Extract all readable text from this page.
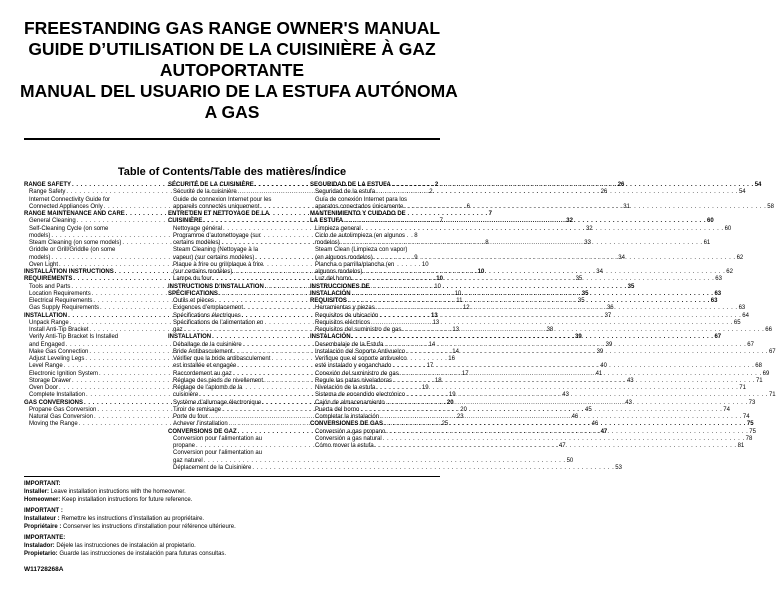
FREESTANDING GAS RANGE OWNER'S MANUAL
GUIDE D’UTILISATION DE LA CUISINIÈRE À GAZ
AUTOPORTANTE
MANUAL DEL USUARIO DE LA ESTUFA AUTÓNOMA
A GAS
Table of Contents/Table des matières/Índice
RANGE SAFETY . . .	2
Range Safety . . .	2
Internet Connectivity Guide for
Connected Appliances Only . . .	6
RANGE MAINTENANCE AND CARE . . .	7
General Cleaning . . .	7
Self-Cleaning Cycle (on some
models) . . .	8
Steam Cleaning (on some models) . . .	8
Griddle or Grill/Griddle (on some
models) . . .	9
Oven Light . . .	10
INSTALLATION INSTRUCTIONS . . .	10
REQUIREMENTS . . .	10
Tools and Parts . . .	10
Location Requirements . . .	10
Electrical Requirements . . .	11
Gas Supply Requirements . . .	12
INSTALLATION . . .	13
Unpack Range . . .	13
Install Anti-Tip Bracket . . .	13
Verify Anti-Tip Bracket Is Installed
and Engaged . . .	14
Make Gas Connection . . .	14
Adjust Leveling Legs . . .	16
Level Range . . .	17
Electronic Ignition System . . .	17
Storage Drawer . . .	18
Oven Door . . .	19
Complete Installation . . .	19
GAS CONVERSIONS . . .	20
Propane Gas Conversion . . .	20
Natural Gas Conversion . . .	23
Moving the Range . . .	25
SÉCURITÉ DE LA CUISINIÈRE . . .	26
Sécurité de la cuisinière . . .	26
Guide de connexion Internet pour les
appareils connectés uniquement . . .	31
ENTRETIEN ET NETTOYAGE DE LA
CUISINIÈRE . . .	32
Nettoyage général . . .	32
Programme d’autonettoyage (sur
certains modèles) . . .	33
Steam Cleaning (Nettoyage à la
vapeur) (sur certains modèles) . . .	34
Plaque à frire ou gril/plaque à frire
(sur certains modèles) . . .	34
Lampe du four . . .	35
INSTRUCTIONS D’INSTALLATION . . .	35
SPÉCIFICATIONS . . .	35
Outils et pièces . . .	35
Exigences d’emplacement . . .	36
Spécifications électriques . . .	37
Spécifications de l’alimentation en
gaz . . .	38
INSTALLATION . . .	39
Déballage de la cuisinière . . .	39
Bride Antibasculement . . .	39
Vérifier que la bride antibasculement
est installée et engagée . . .	40
Raccordement au gaz . . .	41
Réglage des pieds de nivellement . . .	43
Réglage de l’aplomb de la
cuisinière . . .	43
Système d’allumage électronique . . .	43
Tiroir de remisage . . .	45
Porte du four . . .	46
Achever l’installation . . .	46
CONVERSIONS DE GAZ . . .	47
Conversion pour l’alimentation au
propane . . .	47
Conversion pour l’alimentation au
gaz naturel . . .	50
Déplacement de la Cuisinière . . .	53
SEGURIDAD DE LA ESTUFA . . .	54
Seguridad de la estufa . . .	54
Guía de conexión Internet para los
aparatos conectados únicamente . . .	58
MANTENIMIENTO Y CUIDADO DE
LA ESTUFA . . .	60
Limpieza general . . .	60
Ciclo de autolimpieza (en algunos
modelos) . . .	61
Steam Clean (Limpieza con vapor)
(en algunos modelos) . . .	62
Plancha o parrilla/plancha (en
algunos modelos) . . .	62
Luz del horno . . .	63
INSTRUCCIONES DE
INSTALACIÓN . . .	63
REQUISITOS . . .	63
Herramientas y piezas . . .	63
Requisitos de ubicación . . .	64
Requisitos eléctricos . . .	65
Requisitos del suministro de gas . . .	66
INSTALACIÓN . . .	67
Desembalaje de la Estufa . . .	67
Instalación del Soporte Antivuelco . . .	67
Verifique que el soporte antivuelco
esté instalado y enganchado . . .	68
Conexión del suministro de gas . . .	69
Regule las patas niveladoras . . .	71
Nivelación de la estufa . . .	71
Sistema de encendido electrónico . . .	71
Cajón de almacenamiento . . .	73
Puerta del horno . . .	74
Completar la instalación . . .	74
CONVERSIONES DE GAS . . .	75
Conversión a gas propano . . .	75
Conversión a gas natural . . .	78
Cómo mover la estufa . . .	81
IMPORTANT:
Installer: Leave installation instructions with the homeowner.
Homeowner: Keep installation instructions for future reference.
IMPORTANT :
Installateur : Remettre les instructions d’installation au propriétaire.
Propriétaire : Conserver les instructions d’installation pour référence ultérieure.
IMPORTANTE:
Instalador: Déjele las instrucciones de instalación al propietario.
Propietario: Guarde las instrucciones de instalación para futuras consultas.
W11728268A
